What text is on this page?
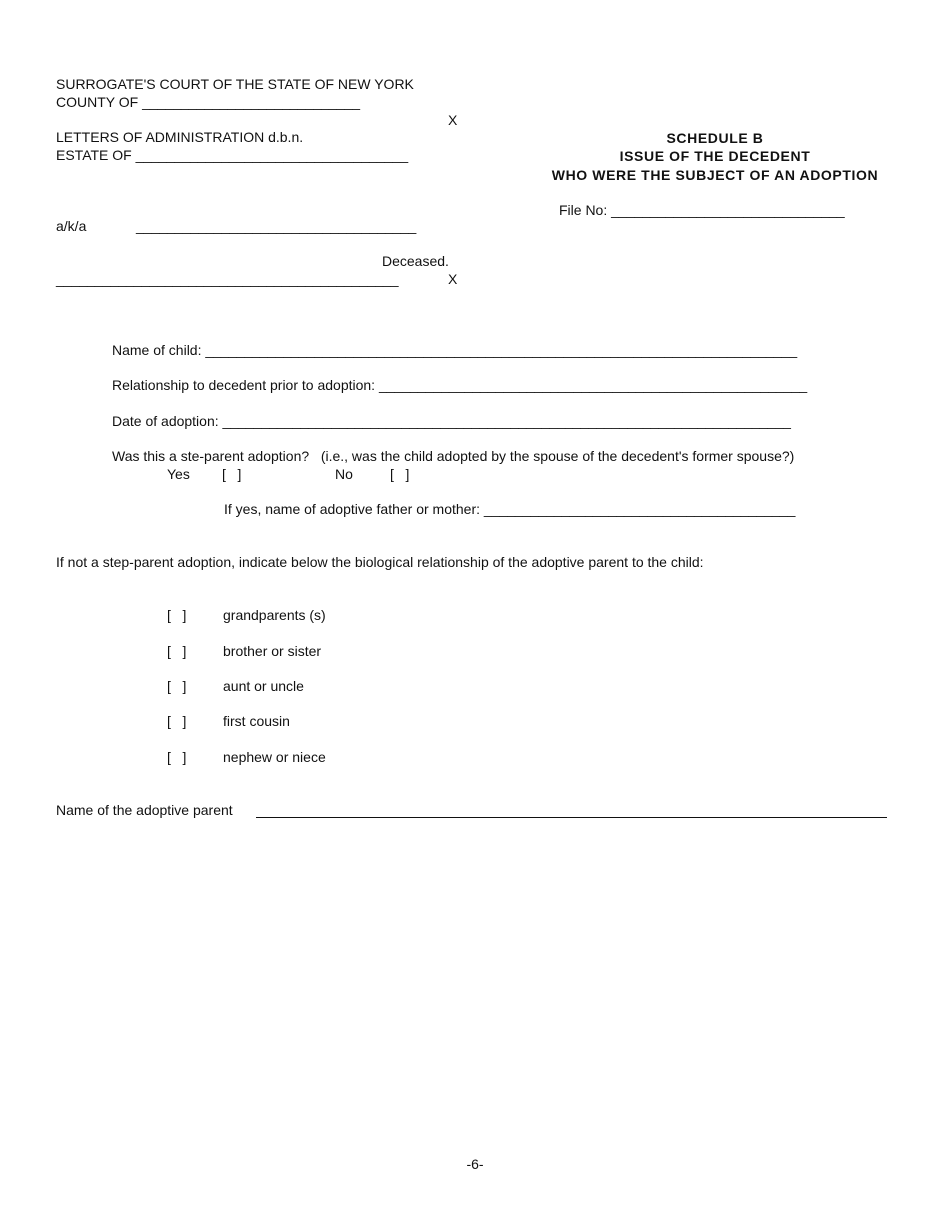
SURROGATE'S COURT OF THE STATE OF NEW YORK
COUNTY OF ____________________________
X
LETTERS OF ADMINISTRATION d.b.n.
ESTATE OF ___________________________________
a/k/a	____________________________________
Deceased.
____________________________________________	X
SCHEDULE B
ISSUE OF THE DECEDENT
WHO WERE THE SUBJECT OF AN ADOPTION
File No: ______________________________
Name of child: ____________________________________________________________________________
Relationship to decedent prior to adoption: _______________________________________________________
Date of adoption: _________________________________________________________________________
Was this a ste-parent adoption?   (i.e., was the child adopted by the spouse of the decedent's former spouse?)
Yes [   ]	No	[   ]
If yes, name of adoptive father or mother: ________________________________________
If not a step-parent adoption, indicate below the biological relationship of the adoptive parent to the child:
[   ]	grandparents (s)
[   ]	brother or sister
[   ]	aunt or uncle
[   ]	first cousin
[   ]	nephew or niece
Name of the adoptive parent
-6-
